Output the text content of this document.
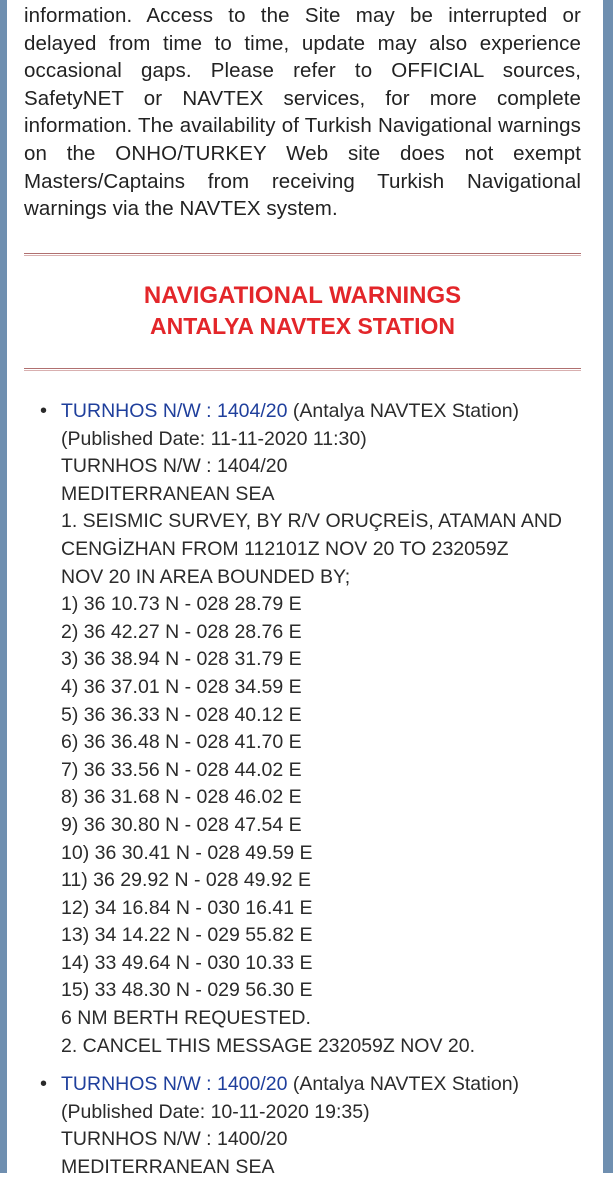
information. Access to the Site may be interrupted or delayed from time to time, update may also experience occasional gaps. Please refer to OFFICIAL sources, SafetyNET or NAVTEX services, for more complete information. The availability of Turkish Navigational warnings on the ONHO/TURKEY Web site does not exempt Masters/Captains from receiving Turkish Navigational warnings via the NAVTEX system.

NAVIGATIONAL WARNINGS
ANTALYA NAVTEX STATION
• TURNHOS N/W : 1404/20 (Antalya NAVTEX Station)
(Published Date: 11-11-2020 11:30)
TURNHOS N/W : 1404/20
MEDITERRANEAN SEA
1. SEISMIC SURVEY, BY R/V ORUÇREİS, ATAMAN AND
CENGİZHAN FROM 112101Z NOV 20 TO 232059Z
NOV 20 IN AREA BOUNDED BY;
1) 36 10.73 N - 028 28.79 E
2) 36 42.27 N - 028 28.76 E
3) 36 38.94 N - 028 31.79 E
4) 36 37.01 N - 028 34.59 E
5) 36 36.33 N - 028 40.12 E
6) 36 36.48 N - 028 41.70 E
7) 36 33.56 N - 028 44.02 E
8) 36 31.68 N - 028 46.02 E
9) 36 30.80 N - 028 47.54 E
10) 36 30.41 N - 028 49.59 E
11) 36 29.92 N - 028 49.92 E
12) 34 16.84 N - 030 16.41 E
13) 34 14.22 N - 029 55.82 E
14) 33 49.64 N - 030 10.33 E
15) 33 48.30 N - 029 56.30 E
6 NM BERTH REQUESTED.
2. CANCEL THIS MESSAGE 232059Z NOV 20.
• TURNHOS N/W : 1400/20 (Antalya NAVTEX Station)
(Published Date: 10-11-2020 19:35)
TURNHOS N/W : 1400/20
MEDITERRANEAN SEA
